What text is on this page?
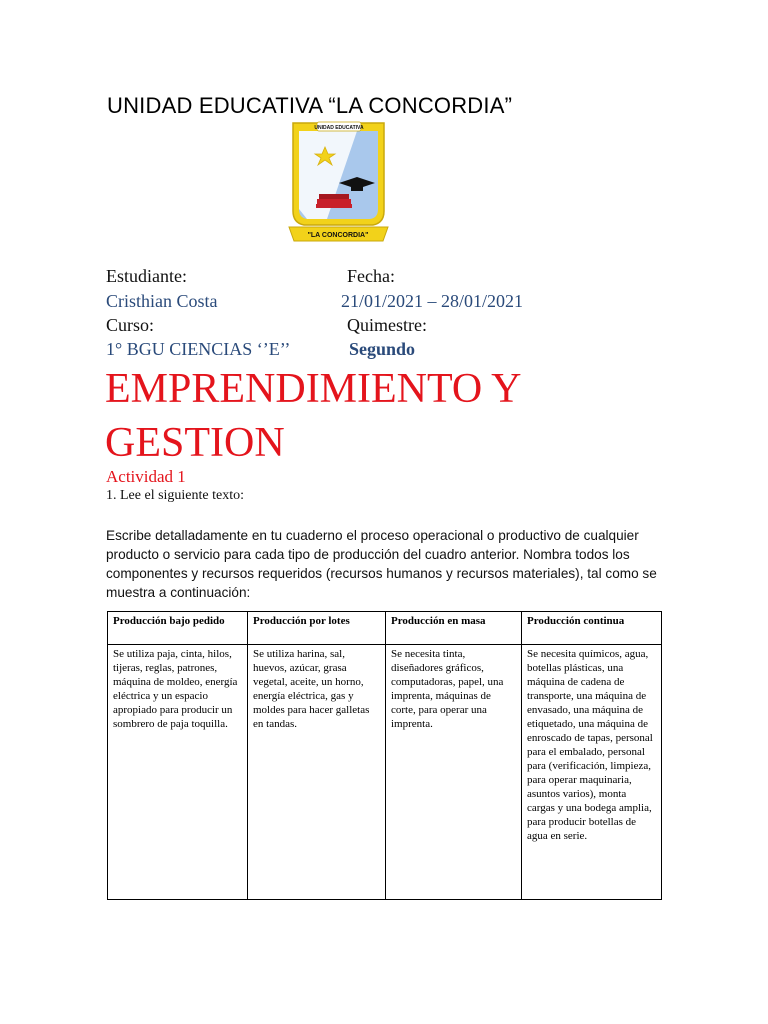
UNIDAD EDUCATIVA “LA CONCORDIA”
UNIDAD EDUCATIVA
"LA CONCORDIA"
Estudiante:	Fecha:
Cristhian Costa	21/01/2021 – 28/01/2021
Curso:	Quimestre:
1° BGU CIENCIAS ‘’E’’	Segundo
EMPRENDIMIENTO Y GESTION
Actividad 1
1. Lee el siguiente texto:
Escribe detalladamente en tu cuaderno el proceso operacional o productivo de cualquier producto o servicio para cada tipo de producción del cuadro anterior. Nombra todos los componentes y recursos requeridos (recursos humanos y recursos materiales), tal como se muestra a continuación:
Producción bajo pedido	Producción por lotes	Producción en masa	Producción continua
Se utiliza paja, cinta, hilos, tijeras, reglas, patrones, máquina de moldeo, energía eléctrica y un espacio apropiado para producir un sombrero de paja toquilla.	Se utiliza harina, sal, huevos, azúcar, grasa vegetal, aceite, un horno, energía eléctrica, gas y moldes para hacer galletas en tandas.	Se necesita tinta, diseñadores gráficos, computadoras, papel, una imprenta, máquinas de corte, para operar una imprenta.	Se necesita químicos, agua, botellas plásticas, una máquina de cadena de transporte, una máquina de envasado, una máquina de etiquetado, una máquina de enroscado de tapas, personal para el embalado, personal para (verificación, limpieza, para operar maquinaria, asuntos varios), monta cargas y una bodega amplia, para producir botellas de agua en serie.
